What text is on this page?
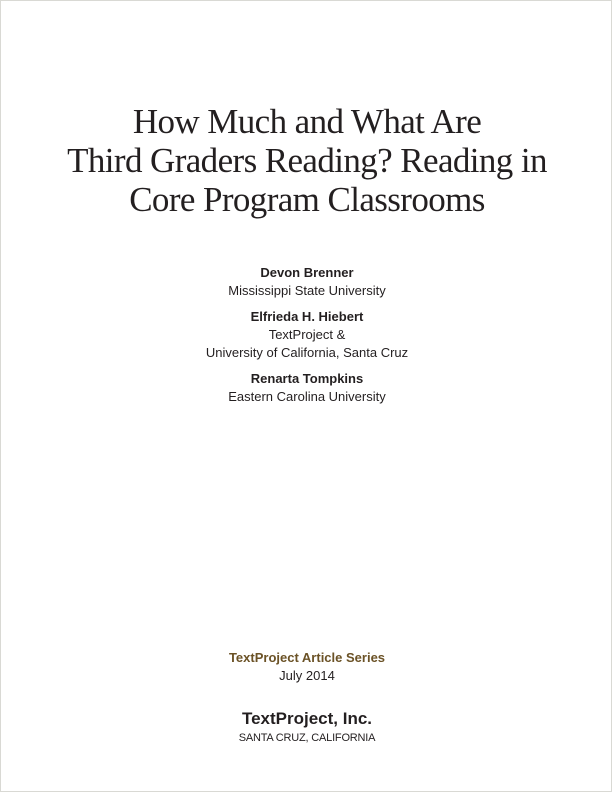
How Much and What Are
Third Graders Reading? Reading in
Core Program Classrooms
Devon Brenner
Mississippi State University
Elfrieda H. Hiebert
TextProject &
University of California, Santa Cruz
Renarta Tompkins
Eastern Carolina University
TextProject Article Series
July 2014
TextProject, Inc.
SANTA CRUZ, CALIFORNIA
